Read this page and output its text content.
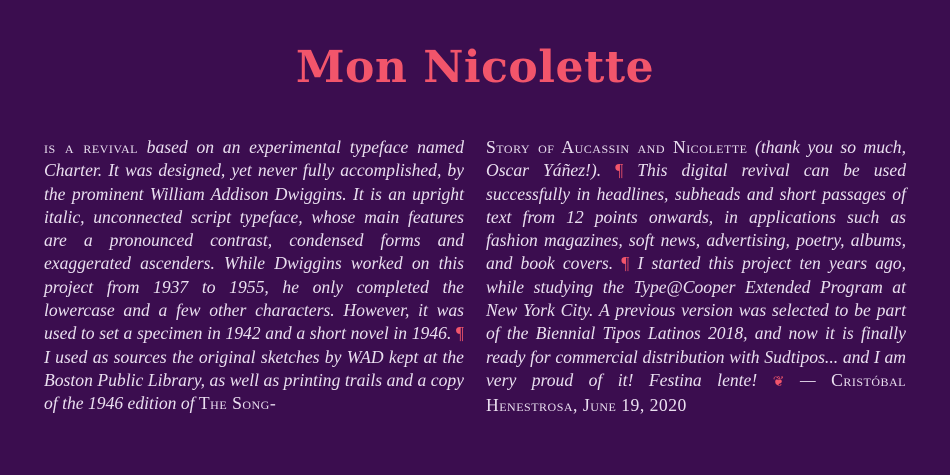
Mon Nicolette
is a revival based on an experimental typeface named Charter. It was designed, yet never fully accomplished, by the prominent William Addison Dwiggins. It is an upright italic, unconnected script typeface, whose main features are a pronounced contrast, condensed forms and exaggerated ascenders. While Dwiggins worked on this project from 1937 to 1955, he only completed the lowercase and a few other characters. However, it was used to set a specimen in 1942 and a short novel in 1946. ¶ I used as sources the original sketches by WAD kept at the Boston Public Library, as well as printing trails and a copy of the 1946 edition of The Song-
Story of Aucassin and Nicolette (thank you so much, Oscar Yáñez!). ¶ This digital revival can be used successfully in headlines, subheads and short passages of text from 12 points onwards, in applications such as fashion magazines, soft news, advertising, poetry, albums, and book covers. ¶ I started this project ten years ago, while studying the Type@Cooper Extended Program at New York City. A previous version was selected to be part of the Biennial Tipos Latinos 2018, and now it is finally ready for commercial distribution with Sudtipos... and I am very proud of it! Festina lente! ❦ — Cristóbal Henestrosa, June 19, 2020
